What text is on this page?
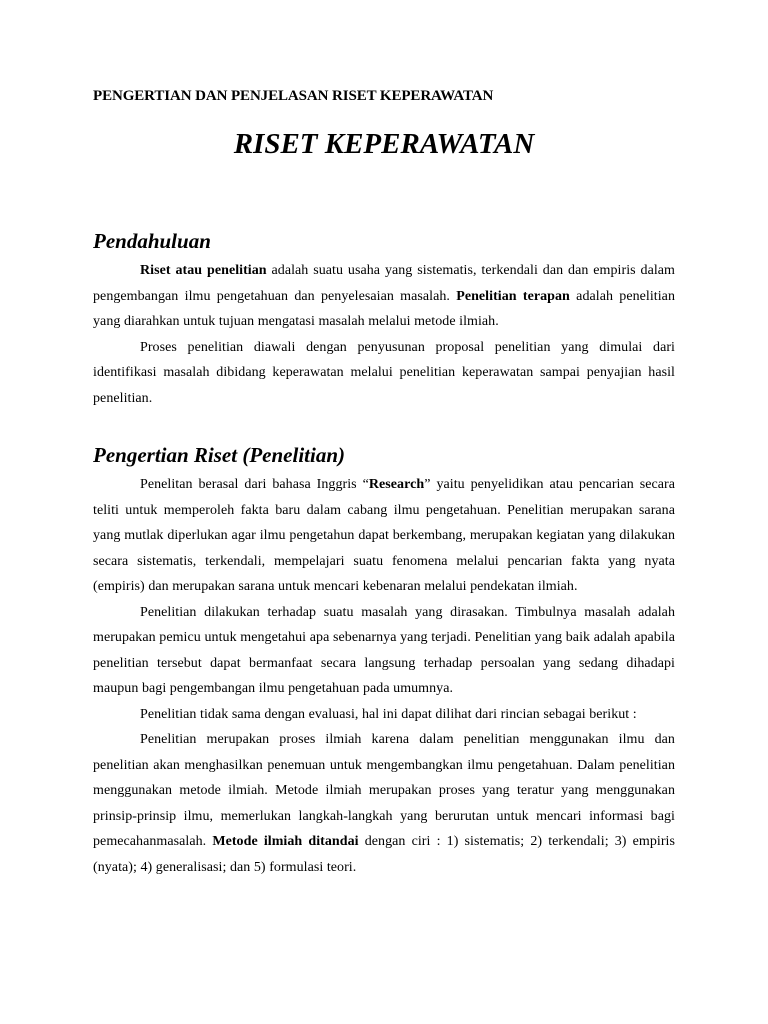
PENGERTIAN DAN PENJELASAN RISET KEPERAWATAN

RISET KEPERAWATAN
Pendahuluan

Riset atau penelitian adalah suatu usaha yang sistematis, terkendali dan dan empiris dalam pengembangan ilmu pengetahuan dan penyelesaian masalah. Penelitian terapan adalah penelitian yang diarahkan untuk tujuan mengatasi masalah melalui metode ilmiah.

Proses penelitian diawali dengan penyusunan proposal penelitian yang dimulai dari identifikasi masalah dibidang keperawatan melalui penelitian keperawatan sampai penyajian hasil penelitian.

Pengertian Riset (Penelitian)

Penelitan berasal dari bahasa Inggris “Research” yaitu penyelidikan atau pencarian secara teliti untuk memperoleh fakta baru dalam cabang ilmu pengetahuan. Penelitian merupakan sarana yang mutlak diperlukan agar ilmu pengetahun dapat berkembang, merupakan kegiatan yang dilakukan secara sistematis, terkendali, mempelajari suatu fenomena melalui pencarian fakta yang nyata (empiris) dan merupakan sarana untuk mencari kebenaran melalui pendekatan ilmiah.

Penelitian dilakukan terhadap suatu masalah yang dirasakan. Timbulnya masalah adalah merupakan pemicu untuk mengetahui apa sebenarnya yang terjadi. Penelitian yang baik adalah apabila penelitian tersebut dapat bermanfaat secara langsung terhadap persoalan yang sedang dihadapi maupun bagi pengembangan ilmu pengetahuan pada umumnya.

Penelitian tidak sama dengan evaluasi, hal ini dapat dilihat dari rincian sebagai berikut :

Penelitian merupakan proses ilmiah karena dalam penelitian menggunakan ilmu dan penelitian akan menghasilkan penemuan untuk mengembangkan ilmu pengetahuan. Dalam penelitian menggunakan metode ilmiah. Metode ilmiah merupakan proses yang teratur yang menggunakan prinsip-prinsip ilmu, memerlukan langkah-langkah yang berurutan untuk mencari informasi bagi pemecahanmasalah. Metode ilmiah ditandai dengan ciri : 1) sistematis; 2) terkendali; 3) empiris (nyata); 4) generalisasi; dan 5) formulasi teori.
